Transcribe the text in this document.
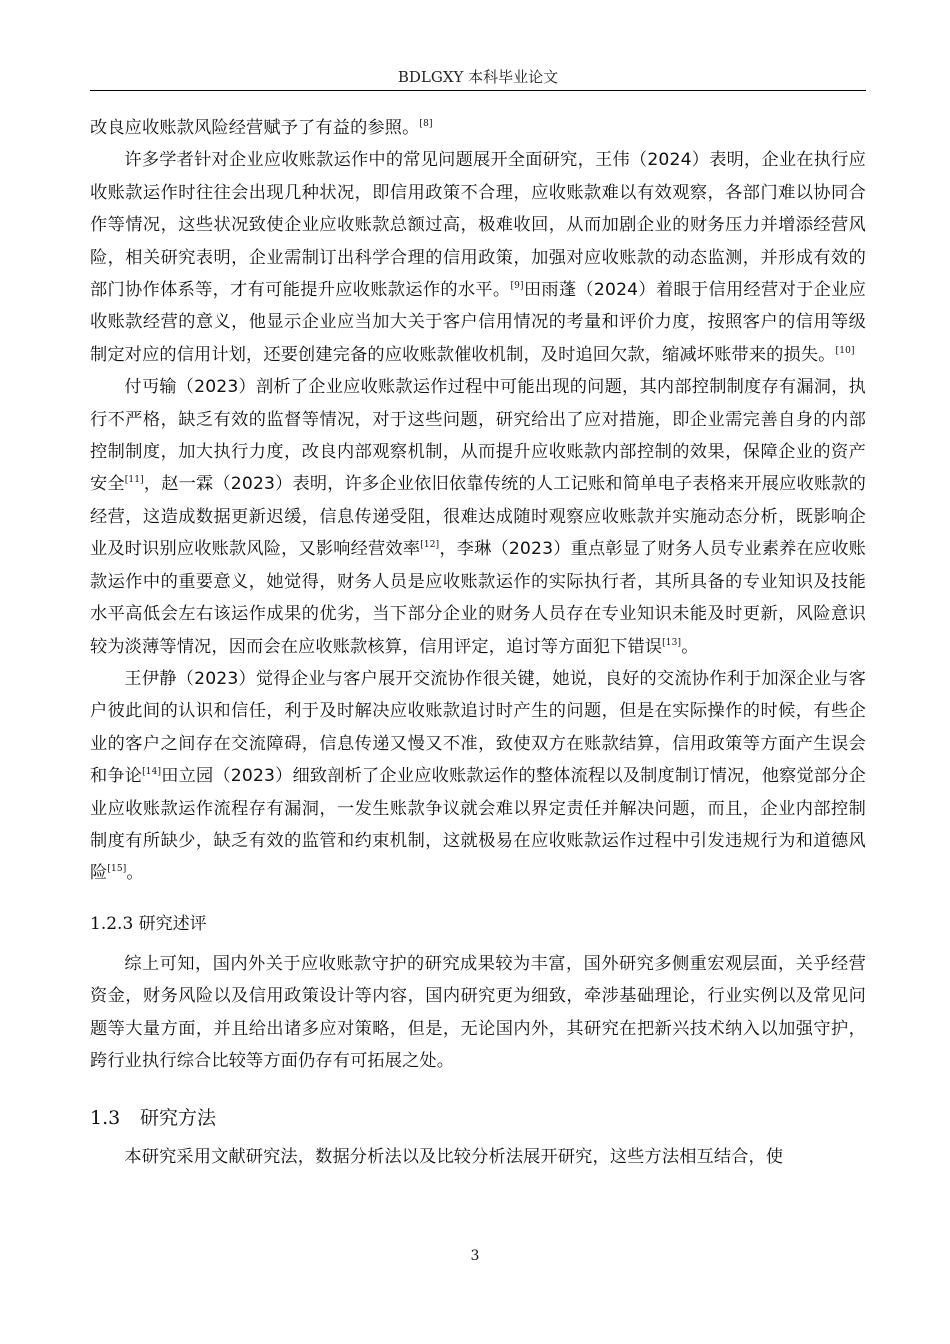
BDLGXY 本科毕业论文

改良应收账款风险经营赋予了有益的参照。[8]

许多学者针对企业应收账款运作中的常见问题展开全面研究，王伟（2024）表明，企业在执行应收账款运作时往往会出现几种状况，即信用政策不合理，应收账款难以有效观察，各部门难以协同合作等情况，这些状况致使企业应收账款总额过高，极难收回，从而加剧企业的财务压力并增添经营风险，相关研究表明，企业需制订出科学合理的信用政策，加强对应收账款的动态监测，并形成有效的部门协作体系等，才有可能提升应收账款运作的水平。[9]田雨蓬（2024）着眼于信用经营对于企业应收账款经营的意义，他显示企业应当加大关于客户信用情况的考量和评价力度，按照客户的信用等级制定对应的信用计划，还要创建完备的应收账款催收机制，及时追回欠款，缩减坏账带来的损失。[10]

付丏输（2023）剖析了企业应收账款运作过程中可能出现的问题，其内部控制制度存有漏洞，执行不严格，缺乏有效的监督等情况，对于这些问题，研究给出了应对措施，即企业需完善自身的内部控制制度，加大执行力度，改良内部观察机制，从而提升应收账款内部控制的效果，保障企业的资产安全[11]，赵一霖（2023）表明，许多企业依旧依靠传统的人工记账和简单电子表格来开展应收账款的经营，这造成数据更新迟缓，信息传递受阻，很难达成随时观察应收账款并实施动态分析，既影响企业及时识别应收账款风险，又影响经营效率[12]，李琳（2023）重点彰显了财务人员专业素养在应收账款运作中的重要意义，她觉得，财务人员是应收账款运作的实际执行者，其所具备的专业知识及技能水平高低会左右该运作成果的优劣，当下部分企业的财务人员存在专业知识未能及时更新，风险意识较为淡薄等情况，因而会在应收账款核算，信用评定，追讨等方面犯下错误[13]。

王伊静（2023）觉得企业与客户展开交流协作很关键，她说，良好的交流协作利于加深企业与客户彼此间的认识和信任，利于及时解决应收账款追讨时产生的问题，但是在实际操作的时候，有些企业的客户之间存在交流障碍，信息传递又慢又不准，致使双方在账款结算，信用政策等方面产生误会和争论[14]田立园（2023）细致剖析了企业应收账款运作的整体流程以及制度制订情况，他察觉部分企业应收账款运作流程存有漏洞，一发生账款争议就会难以界定责任并解决问题，而且，企业内部控制制度有所缺少，缺乏有效的监管和约束机制，这就极易在应收账款运作过程中引发违规行为和道德风险[15]。

1.2.3 研究述评

综上可知，国内外关于应收账款守护的研究成果较为丰富，国外研究多侧重宏观层面，关乎经营资金，财务风险以及信用政策设计等内容，国内研究更为细致，牵涉基础理论，行业实例以及常见问题等大量方面，并且给出诸多应对策略，但是，无论国内外，其研究在把新兴技术纳入以加强守护，跨行业执行综合比较等方面仍存有可拓展之处。

1.3 研究方法

本研究采用文献研究法，数据分析法以及比较分析法展开研究，这些方法相互结合，使

3
